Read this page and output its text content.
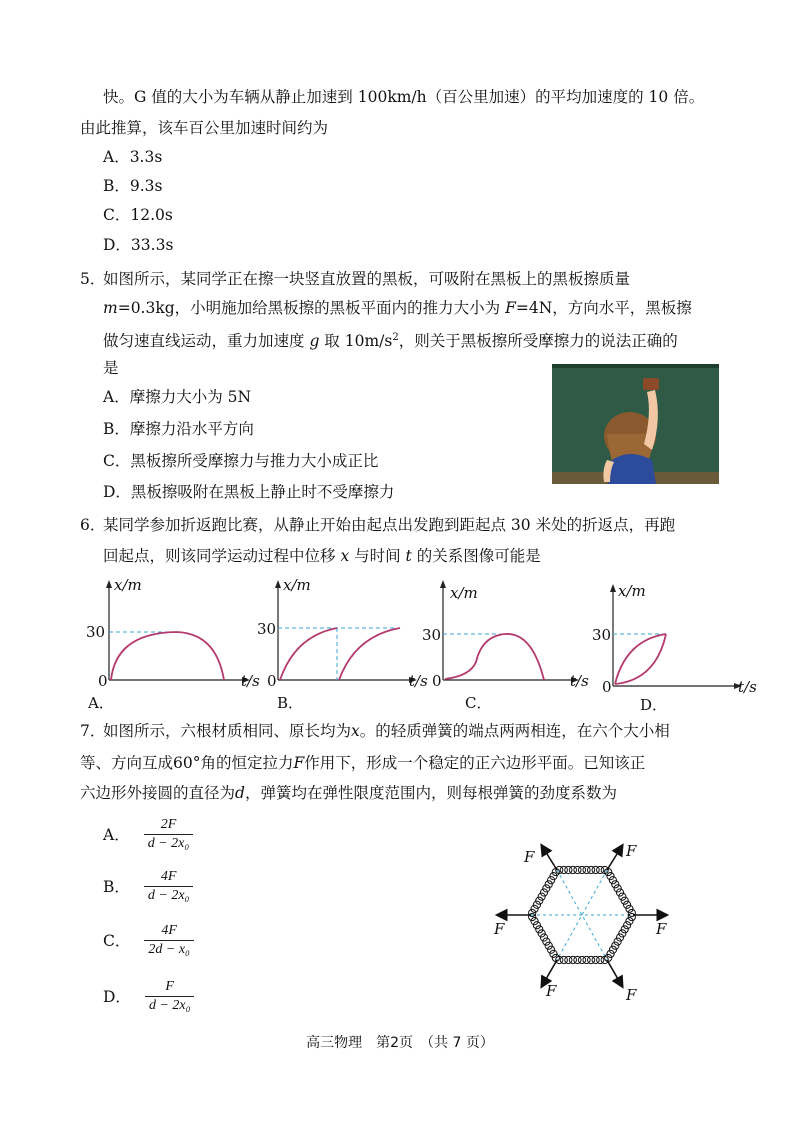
快。G 值的大小为车辆从静止加速到 100km/h（百公里加速）的平均加速度的 10 倍。
由此推算，该车百公里加速时间约为
A．3.3s
B．9.3s
C．12.0s
D．33.3s
5．
如图所示，某同学正在擦一块竖直放置的黑板，可吸附在黑板上的黑板擦质量
m=0.3kg，小明施加给黑板擦的黑板平面内的推力大小为 F=4N，方向水平，黑板擦
做匀速直线运动，重力加速度 g 取 $10m/s^2$，则关于黑板擦所受摩擦力的说法正确的
是
A．摩擦力大小为 5N
B．摩擦力沿水平方向
C．黑板擦所受摩擦力与推力大小成正比
D．黑板擦吸附在黑板上静止时不受摩擦力
6．
某同学参加折返跑比赛，从静止开始由起点出发跑到距起点 30 米处的折返点，再跑
回起点，则该同学运动过程中位移 x 与时间 t 的关系图像可能是
x/m
30
0	t/s
A．
x/m
30
0	t/s
B．
x/m
30
0	t/s
C．
x/m
30
0	t/s
D．
7．
如图所示，六根材质相同、原长均为x。的轻质弹簧的端点两两相连，在六个大小相
等、方向互成60°角的恒定拉力F作用下，形成一个稳定的正六边形平面。已知该正
六边形外接圆的直径为d，弹簧均在弹性限度范围内，则每根弹簧的劲度系数为
A． $\frac{2F}{\text{d − 2x₀}}$
B． $\frac{4F}{\text{d − 2x₀}}$
C． $\frac{4F}{\text{2d − x₀}}$
D． $\frac{F}{\text{d − 2x₀}}$
F	F
F	F
F	F
高三物理　第2页　（共 7 页）
